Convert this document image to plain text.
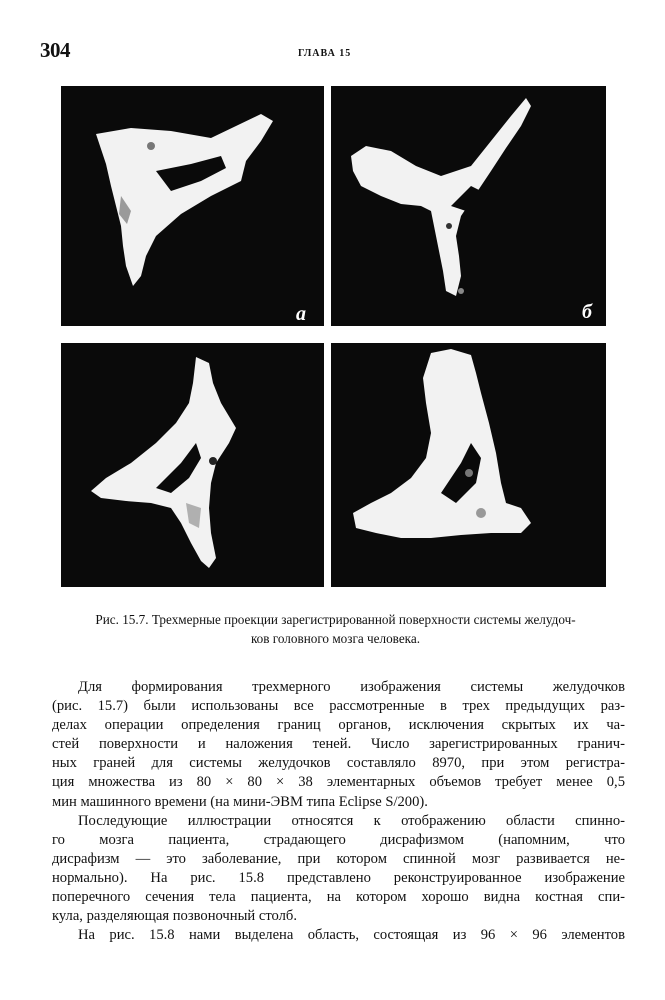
304	ГЛАВА 15
а	б
Рис. 15.7. Трехмерные проекции зарегистрированной поверхности системы желудоч-
ков головного мозга человека.

Для формирования трехмерного изображения системы желудочков
(рис. 15.7) были использованы все рассмотренные в трех предыдущих раз-
делах операции определения границ органов, исключения скрытых их ча-
стей поверхности и наложения теней. Число зарегистрированных гранич-
ных граней для системы желудочков составляло 8970, при этом регистра-
ция множества из 80 × 80 × 38 элементарных объемов требует менее 0,5
мин машинного времени (на мини-ЭВМ типа Eclipse S/200).

Последующие иллюстрации относятся к отображению области спинно-
го мозга пациента, страдающего дисрафизмом (напомним, что
дисрафизм — это заболевание, при котором спинной мозг развивается не-
нормально). На рис. 15.8 представлено реконструированное изображение
поперечного сечения тела пациента, на котором хорошо видна костная спи-
кула, разделяющая позвоночный столб.

На рис. 15.8 нами выделена область, состоящая из 96 × 96 элементов
